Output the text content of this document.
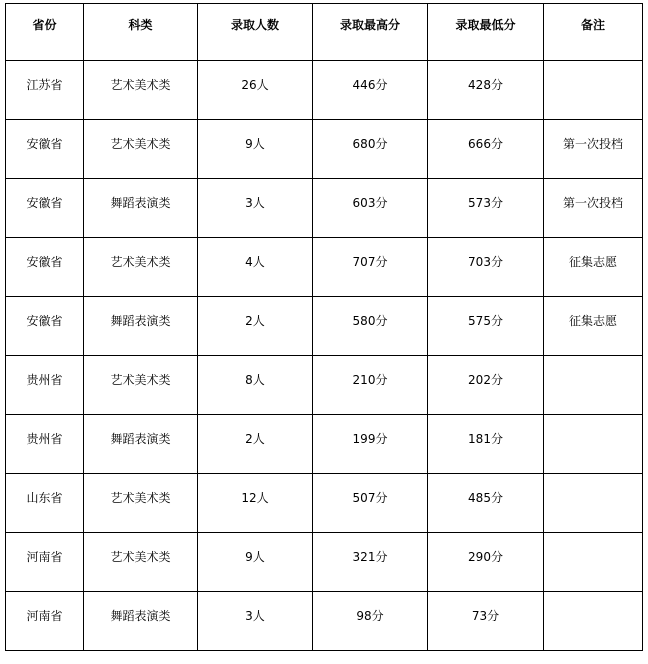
省份	科类	录取人数	录取最高分	录取最低分	备注
江苏省	艺术美术类	26人	446分	428分	
安徽省	艺术美术类	9人	680分	666分	第一次投档
安徽省	舞蹈表演类	3人	603分	573分	第一次投档
安徽省	艺术美术类	4人	707分	703分	征集志愿
安徽省	舞蹈表演类	2人	580分	575分	征集志愿
贵州省	艺术美术类	8人	210分	202分	
贵州省	舞蹈表演类	2人	199分	181分	
山东省	艺术美术类	12人	507分	485分	
河南省	艺术美术类	9人	321分	290分	
河南省	舞蹈表演类	3人	98分	73分	
